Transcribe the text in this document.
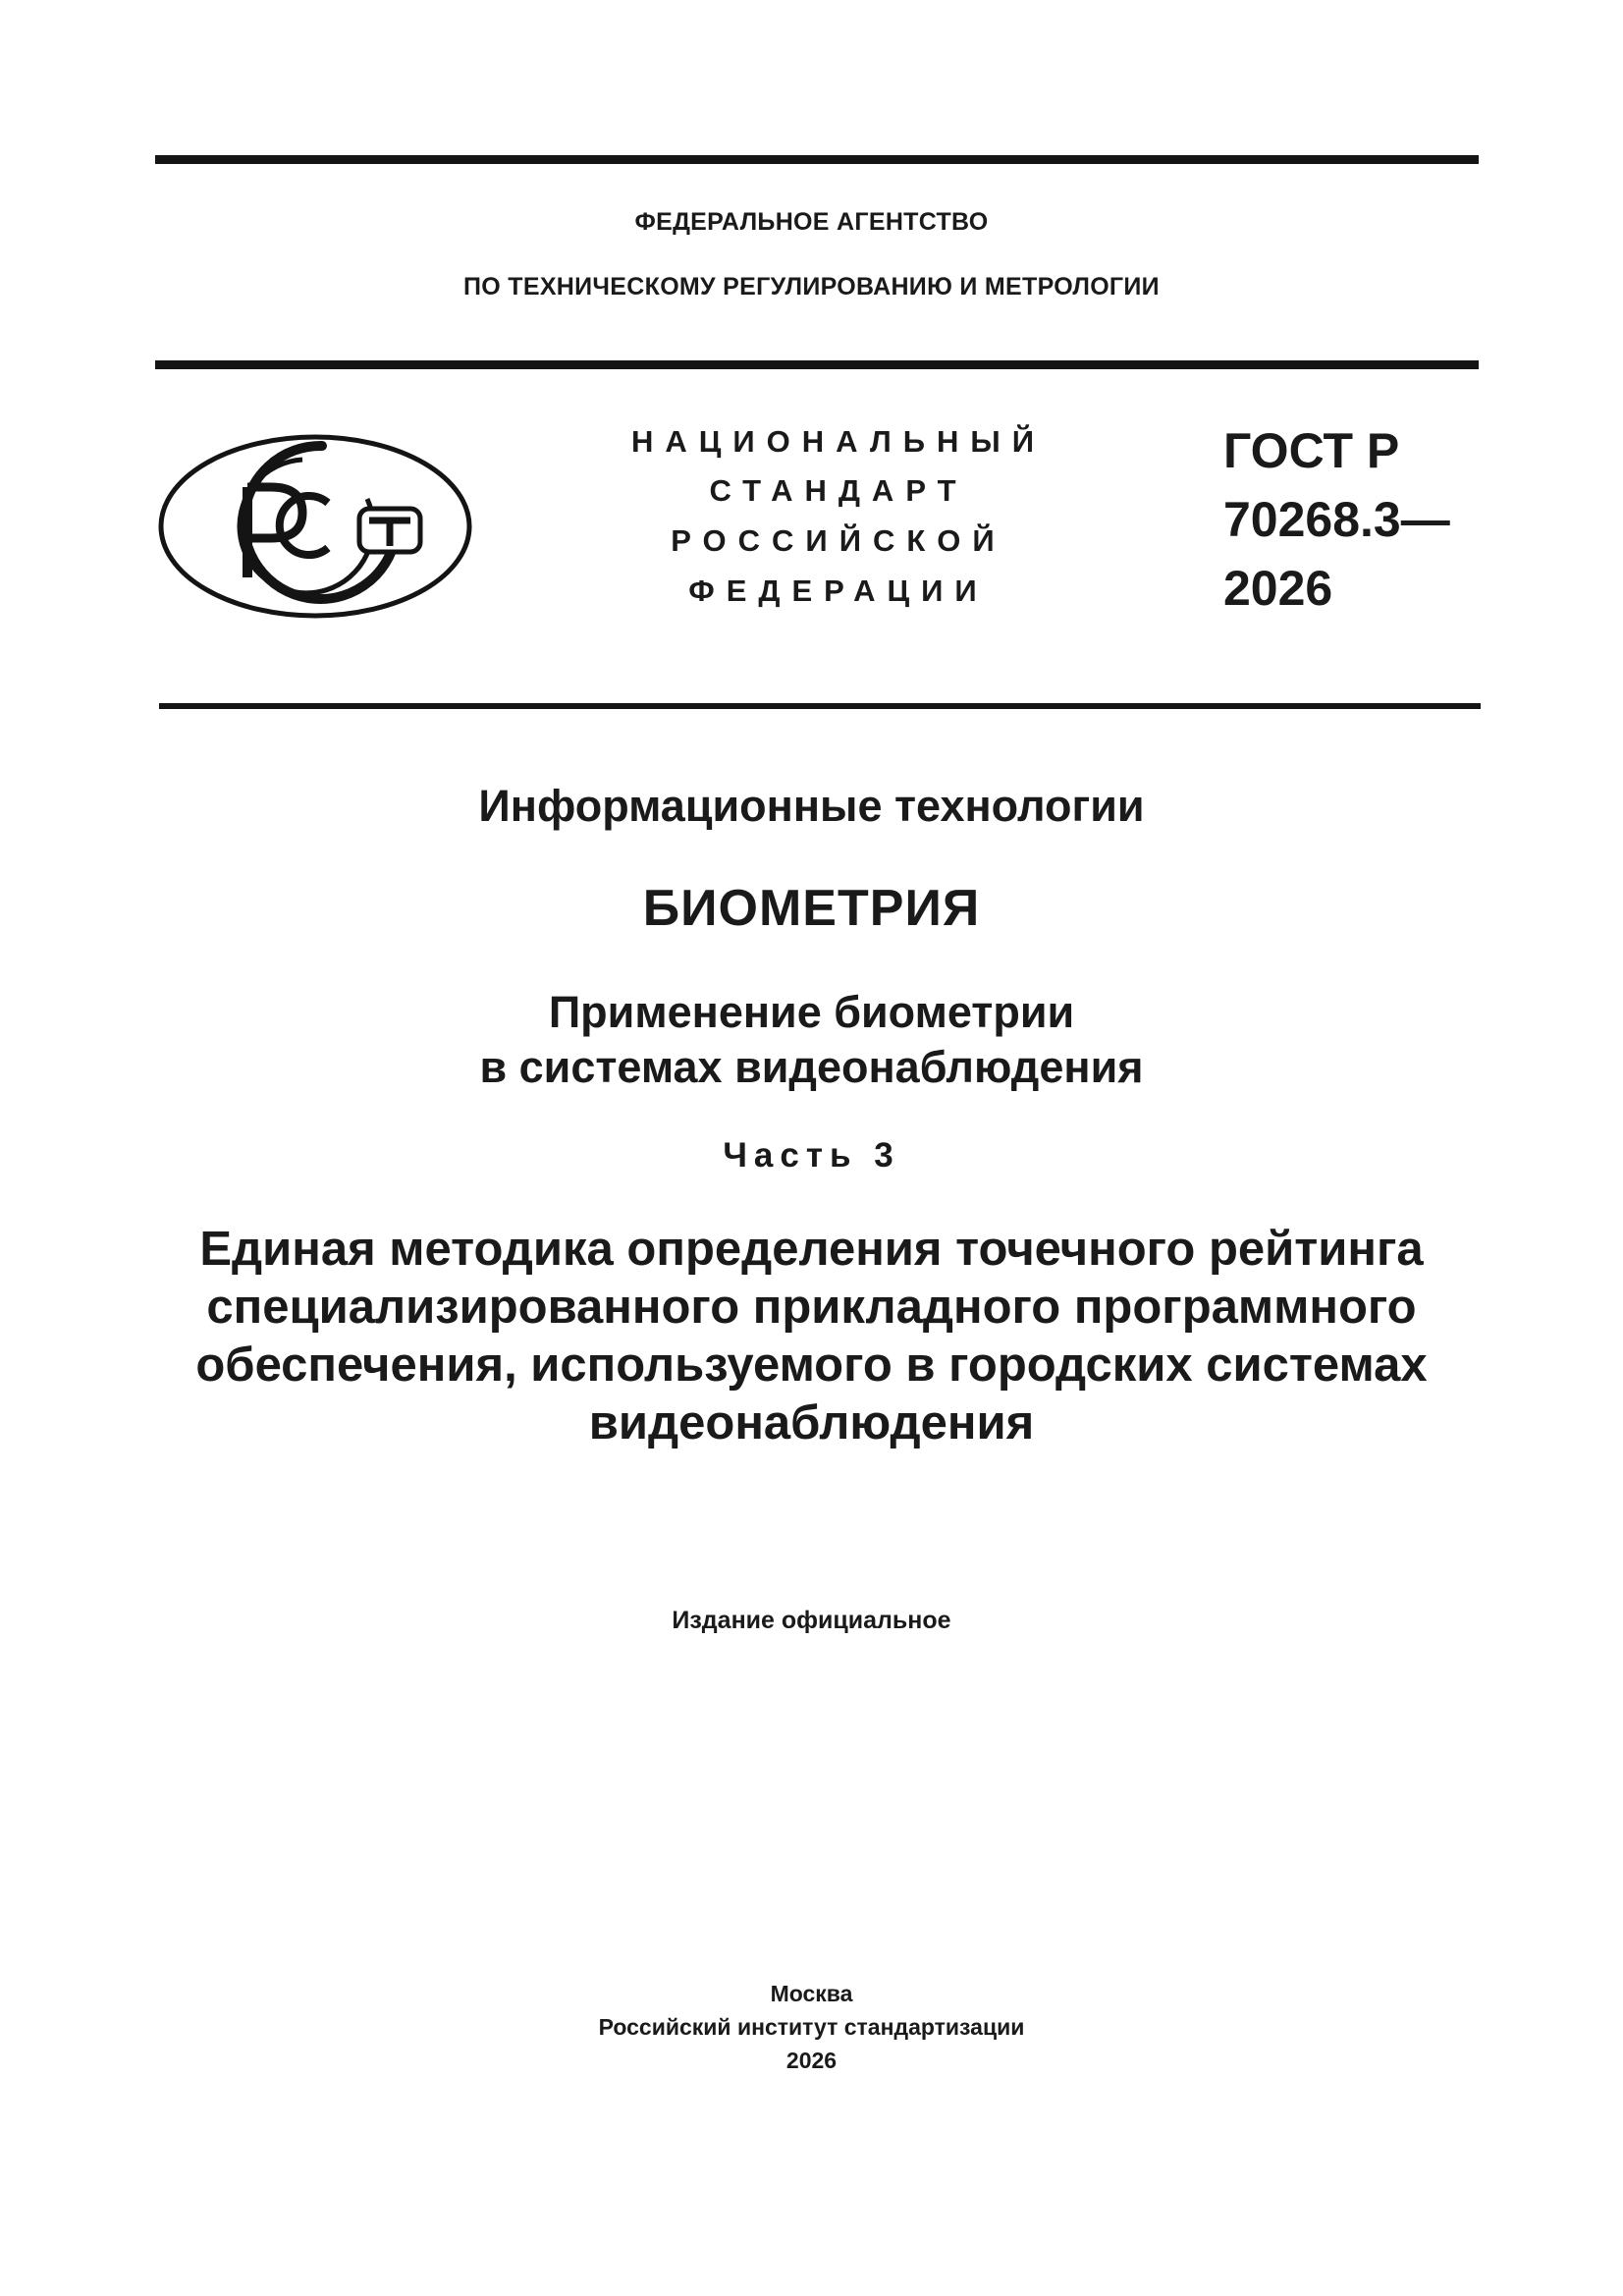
ФЕДЕРАЛЬНОЕ АГЕНТСТВО
ПО ТЕХНИЧЕСКОМУ РЕГУЛИРОВАНИЮ И МЕТРОЛОГИИ
НАЦИОНАЛЬНЫЙ
СТАНДАРТ
РОССИЙСКОЙ
ФЕДЕРАЦИИ
ГОСТ Р
70268.3—
2026
Информационные технологии
БИОМЕТРИЯ
Применение биометрии
в системах видеонаблюдения
Часть 3
Единая методика определения точечного рейтинга
специализированного прикладного программного
обеспечения, используемого в городских системах
видеонаблюдения
Издание официальное
Москва
Российский институт стандартизации
2026
